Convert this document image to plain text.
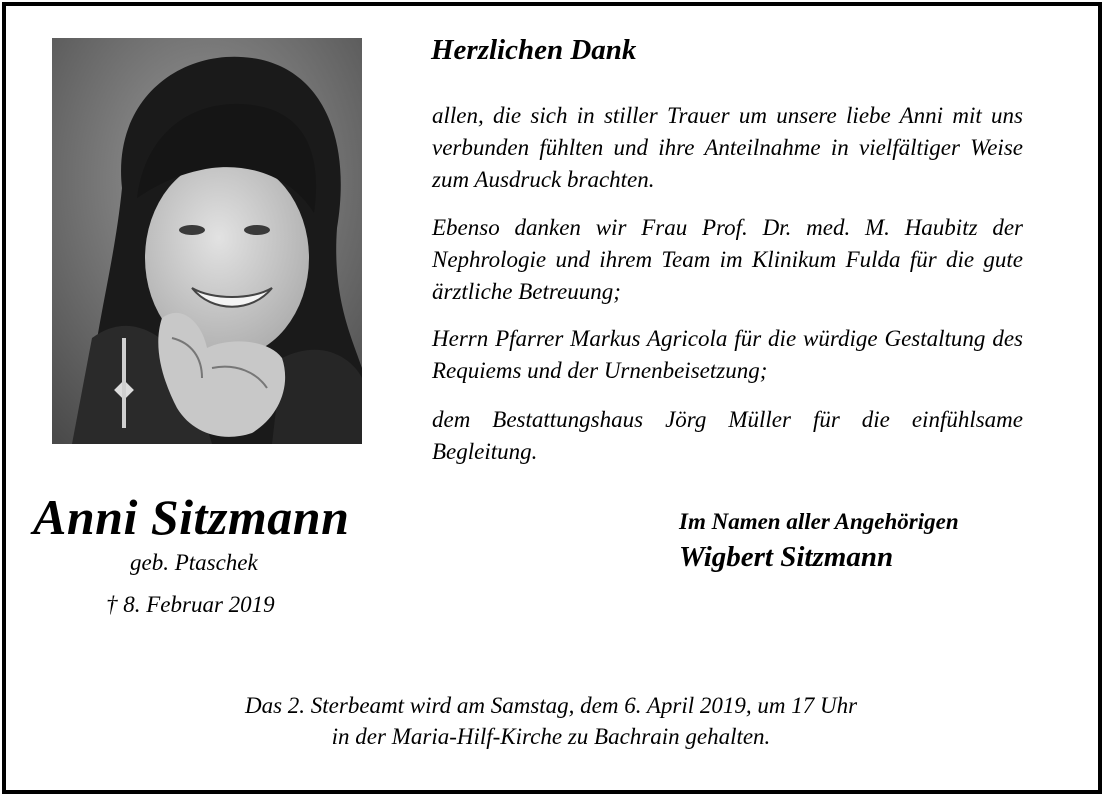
Herzlichen Dank

allen, die sich in stiller Trauer um unsere liebe Anni mit uns verbunden fühlten und ihre Anteilnahme in vielfältiger Weise zum Ausdruck brachten.

Ebenso danken wir Frau Prof. Dr. med. M. Haubitz der Nephrologie und ihrem Team im Klinikum Fulda für die gute ärztliche Betreuung;

Herrn Pfarrer Markus Agricola für die würdige Gestaltung des Requiems und der Urnenbeisetzung;

dem Bestattungshaus Jörg Müller für die einfühlsame Begleitung.

Anni Sitzmann
geb. Ptaschek
† 8. Februar 2019
Im Namen aller Angehörigen
Wigbert Sitzmann
Das 2. Sterbeamt wird am Samstag, dem 6. April 2019, um 17 Uhr
in der Maria-Hilf-Kirche zu Bachrain gehalten.
